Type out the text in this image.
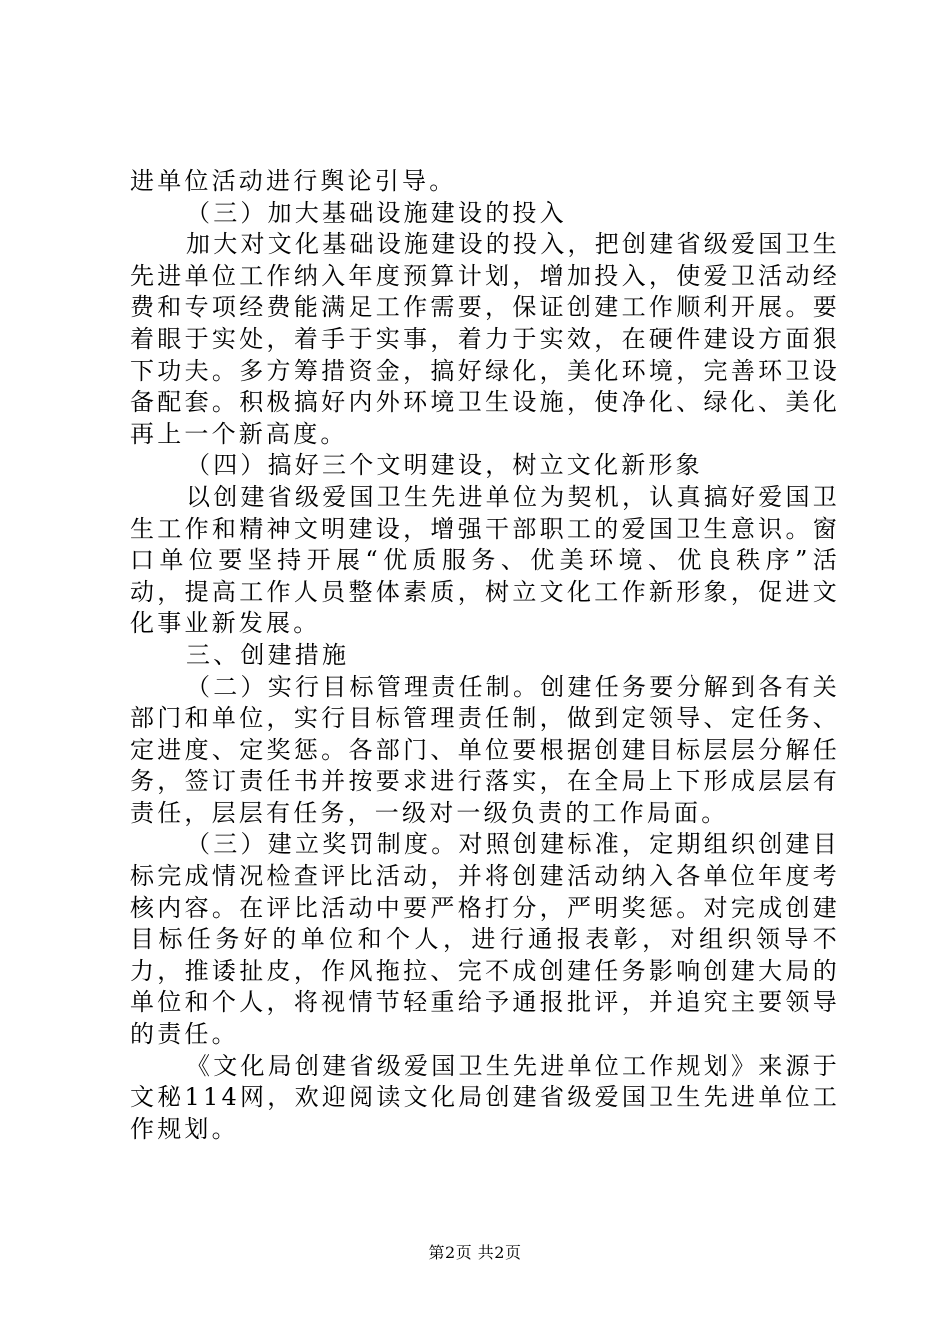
进单位活动进行舆论引导。

（三）加大基础设施建设的投入

加大对文化基础设施建设的投入，把创建省级爱国卫生先进单位工作纳入年度预算计划，增加投入，使爱卫活动经费和专项经费能满足工作需要，保证创建工作顺利开展。要着眼于实处，着手于实事，着力于实效，在硬件建设方面狠下功夫。多方筹措资金，搞好绿化，美化环境，完善环卫设备配套。积极搞好内外环境卫生设施，使净化、绿化、美化再上一个新高度。

（四）搞好三个文明建设，树立文化新形象

以创建省级爱国卫生先进单位为契机，认真搞好爱国卫生工作和精神文明建设，增强干部职工的爱国卫生意识。窗口单位要坚持开展“优质服务、优美环境、优良秩序”活动，提高工作人员整体素质，树立文化工作新形象，促进文化事业新发展。

三、创建措施

（二）实行目标管理责任制。创建任务要分解到各有关部门和单位，实行目标管理责任制，做到定领导、定任务、定进度、定奖惩。各部门、单位要根据创建目标层层分解任务，签订责任书并按要求进行落实，在全局上下形成层层有责任，层层有任务，一级对一级负责的工作局面。

（三）建立奖罚制度。对照创建标准，定期组织创建目标完成情况检查评比活动，并将创建活动纳入各单位年度考核内容。在评比活动中要严格打分，严明奖惩。对完成创建目标任务好的单位和个人，进行通报表彰，对组织领导不力，推诿扯皮，作风拖拉、完不成创建任务影响创建大局的单位和个人，将视情节轻重给予通报批评，并追究主要领导的责任。

《文化局创建省级爱国卫生先进单位工作规划》来源于文秘114网，欢迎阅读文化局创建省级爱国卫生先进单位工作规划。

第2页 共2页
